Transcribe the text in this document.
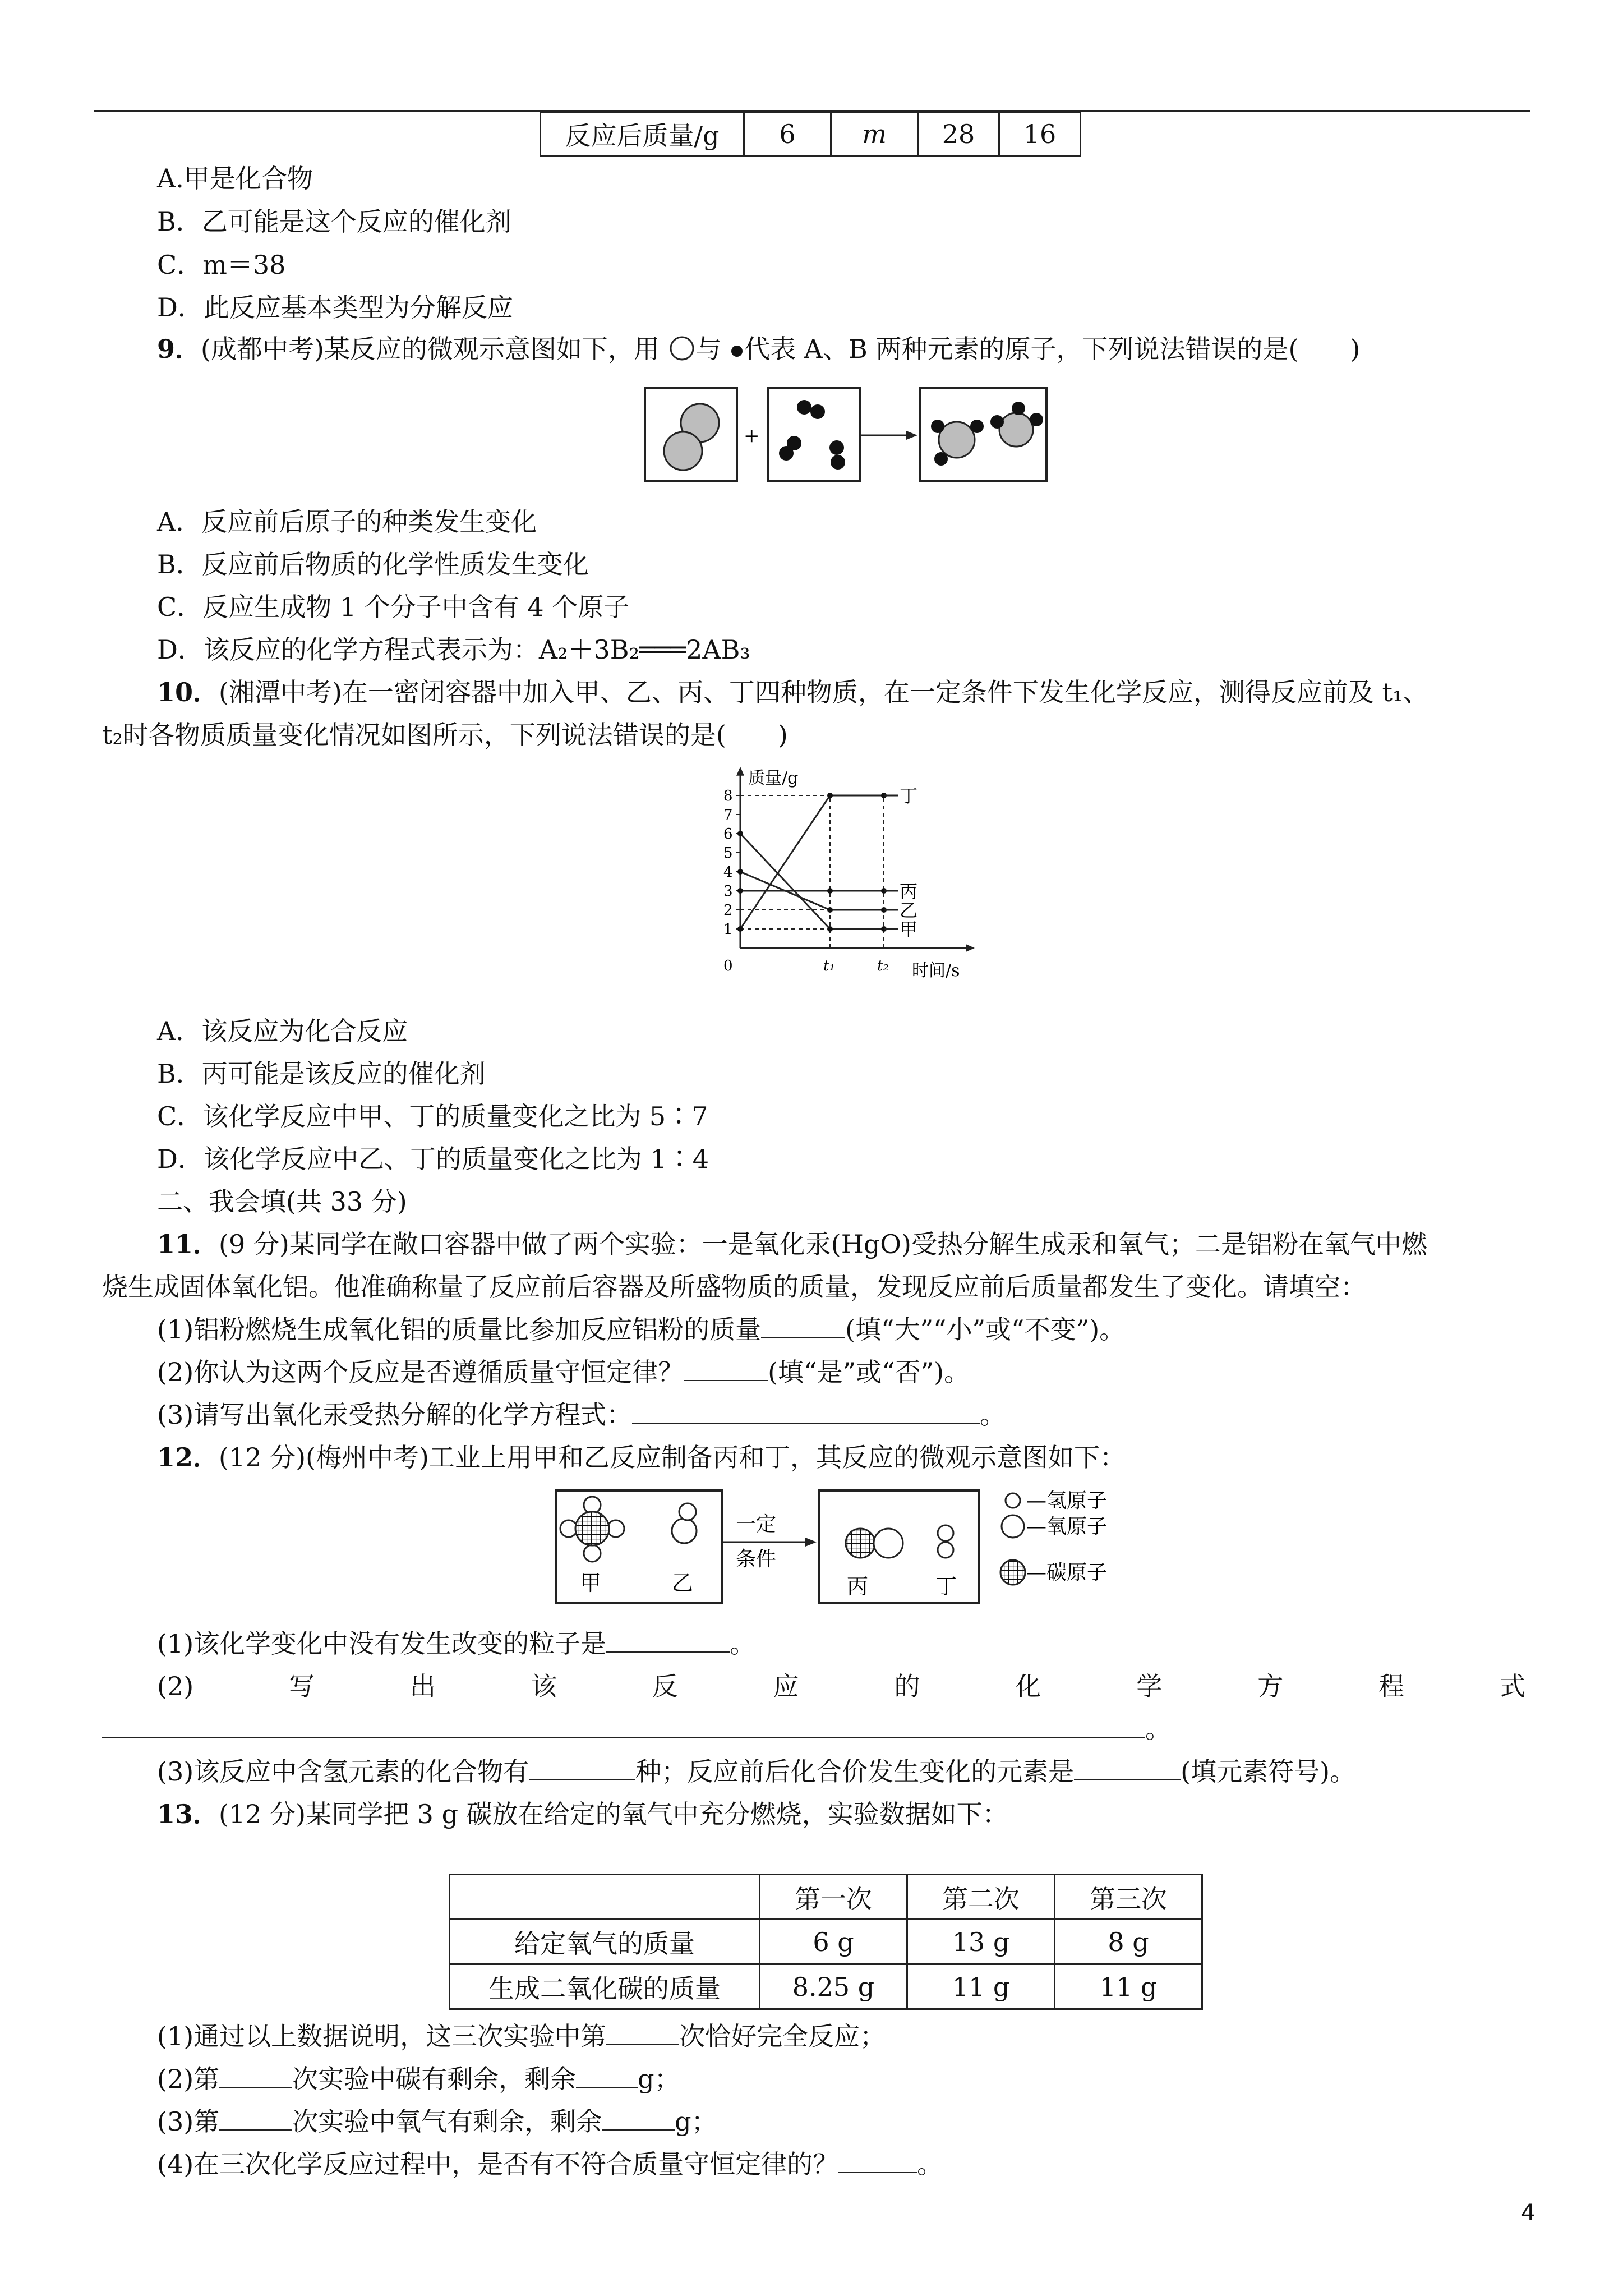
反应后质量/g	6	m	28	16
A.甲是化合物
B．乙可能是这个反应的催化剂
C．m＝38
D．此反应基本类型为分解反应
9．(成都中考)某反应的微观示意图如下，用 与 代表 A、B 两种元素的原子，下列说法错误的是(　　)
+
A．反应前后原子的种类发生变化
B．反应前后物质的化学性质发生变化
C．反应生成物 1 个分子中含有 4 个原子
D．该反应的化学方程式表示为：A₂＋3B₂═══2AB₃
10．(湘潭中考)在一密闭容器中加入甲、乙、丙、丁四种物质，在一定条件下发生化学反应，测得反应前及 t₁、
t₂时各物质质量变化情况如图所示，下列说法错误的是(　　)
质量/g
时间/s
0
1
2
3
4
5
6
7
8
t₁	t₂
丁
丙
乙
甲
A．该反应为化合反应
B．丙可能是该反应的催化剂
C．该化学反应中甲、丁的质量变化之比为 5∶7
D．该化学反应中乙、丁的质量变化之比为 1∶4
二、我会填(共 33 分)
11．(9 分)某同学在敞口容器中做了两个实验：一是氧化汞(HgO)受热分解生成汞和氧气；二是铝粉在氧气中燃
烧生成固体氧化铝。他准确称量了反应前后容器及所盛物质的质量，发现反应前后质量都发生了变化。请填空：
(1)铝粉燃烧生成氧化铝的质量比参加反应铝粉的质量	(填“大”“小”或“不变”)。
(2)你认为这两个反应是否遵循质量守恒定律？	(填“是”或“否”)。
(3)请写出氧化汞受热分解的化学方程式：	。
12．(12 分)(梅州中考)工业上用甲和乙反应制备丙和丁，其反应的微观示意图如下：
甲	乙
一定
条件
丙	丁
—氢原子
—氧原子
—碳原子
(1)该化学变化中没有发生改变的粒子是	。
(2)	写	出	该	反	应	的	化	学	方	程	式
。
(3)该反应中含氢元素的化合物有	种；反应前后化合价发生变化的元素是	(填元素符号)。
13．(12 分)某同学把 3 g 碳放在给定的氧气中充分燃烧，实验数据如下：
	第一次	第二次	第三次
给定氧气的质量	6 g	13 g	8 g
生成二氧化碳的质量	8.25 g	11 g	11 g
(1)通过以上数据说明，这三次实验中第	次恰好完全反应；
(2)第	次实验中碳有剩余，剩余 g；
(3)第	次实验中氧气有剩余，剩余	g；
(4)在三次化学反应过程中，是否有不符合质量守恒定律的？	。
4
